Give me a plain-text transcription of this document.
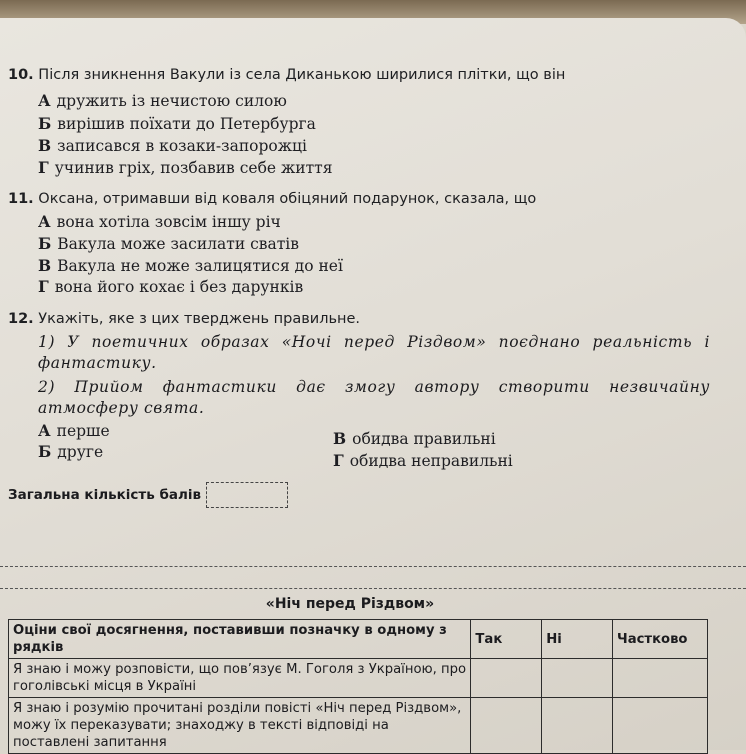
10. Після зникнення Вакули із села Диканькою ширилися плітки, що він
А дружить із нечистою силою
Б вирішив поїхати до Петербурга
В записався в козаки-запорожці
Г учинив гріх, позбавив себе життя
11. Оксана, отримавши від коваля обіцяний подарунок, сказала, що
А вона хотіла зовсім іншу річ
Б Вакула може засилати сватів
В Вакула не може залицятися до неї
Г вона його кохає і без дарунків
12. Укажіть, яке з цих тверджень правильне.
1) У поетичних образах «Ночі перед Різдвом» поєднано реальність і фантастику.
2) Прийом фантастики дає змогу автору створити незвичайну атмосферу свята.
А перше
Б друге
В обидва правильні
Г обидва неправильні
Загальна кількість балів
«Ніч перед Різдвом»
Оціни свої досягнення, поставивши позначку в одному з рядків	Так	Ні	Частково
Я знаю і можу розповісти, що пов’язує М. Гоголя з Україною, про гоголівські місця в Україні			
Я знаю і розумію прочитані розділи повісті «Ніч перед Різдвом», можу їх переказувати; знаходжу в тексті відповіді на поставлені запитання			
